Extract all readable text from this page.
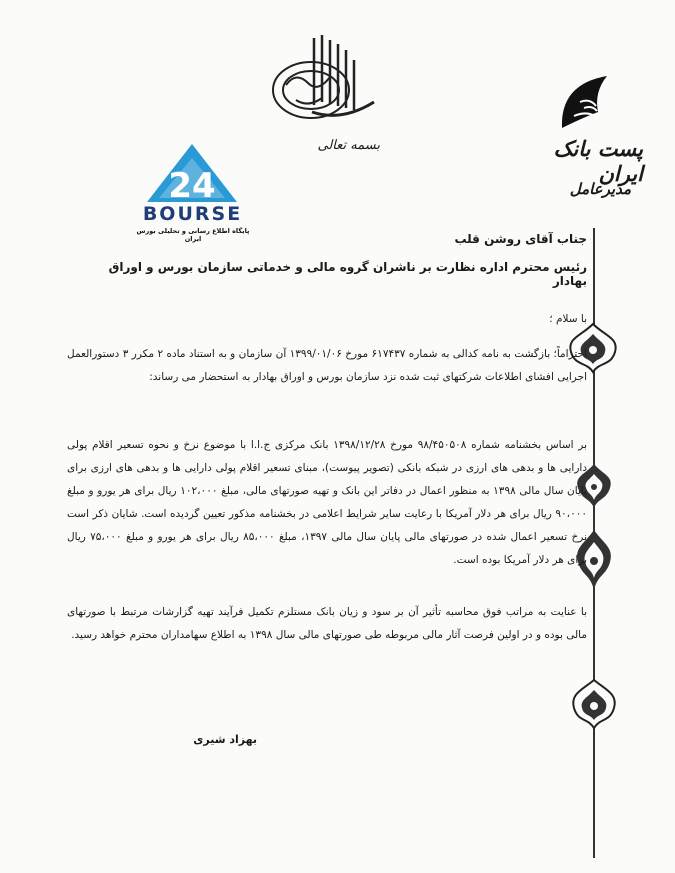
بسمه تعالی	پست بانک ایران
مدیرعامل
24
BOURSE
پایگاه اطلاع رسانی و تحلیلی بورس ایران	جناب آقای روشن قلب
رئیس محترم اداره نظارت بر ناشران گروه مالی و خدماتی سازمان بورس و اوراق بهادار
با سلام ؛
احتراماً؛ بازگشت به نامه کدالی به شماره ۶۱۷۴۳۷ مورخ ۱۳۹۹/۰۱/۰۶ آن سازمان و به استناد ماده ۲ مکرر ۳ دستورالعمل اجرایی افشای اطلاعات شرکتهای ثبت شده نزد سازمان بورس و اوراق بهادار به استحضار می رساند:
بر اساس بخشنامه شماره ۹۸/۴۵۰۵۰۸ مورخ ۱۳۹۸/۱۲/۲۸ بانک مرکزی ج.ا.ا با موضوع نرخ و نحوه تسعیر اقلام پولی دارایی ها و بدهی های ارزی در شبکه بانکی (تصویر پیوست)، مبنای تسعیر اقلام پولی دارایی ها و بدهی های ارزی برای پایان سال مالی ۱۳۹۸ به منظور اعمال در دفاتر این بانک و تهیه صورتهای مالی، مبلغ ۱۰۲،۰۰۰ ریال برای هر یورو و مبلغ ۹۰،۰۰۰ ریال برای هر دلار آمریکا با رعایت سایر شرایط اعلامی در بخشنامه مذکور تعیین گردیده است. شایان ذکر است نرخ تسعیر اعمال شده در صورتهای مالی پایان سال مالی ۱۳۹۷، مبلغ ۸۵،۰۰۰ ریال برای هر یورو و مبلغ ۷۵،۰۰۰ ریال برای هر دلار آمریکا بوده است.
با عنایت به مراتب فوق محاسبه تأثیر آن بر سود و زیان بانک مستلزم تکمیل فرآیند تهیه گزارشات مرتبط با صورتهای مالی بوده و در اولین فرصت آثار مالی مربوطه طی صورتهای مالی سال ۱۳۹۸ به اطلاع سهامداران محترم خواهد رسید.
بهزاد شیری
